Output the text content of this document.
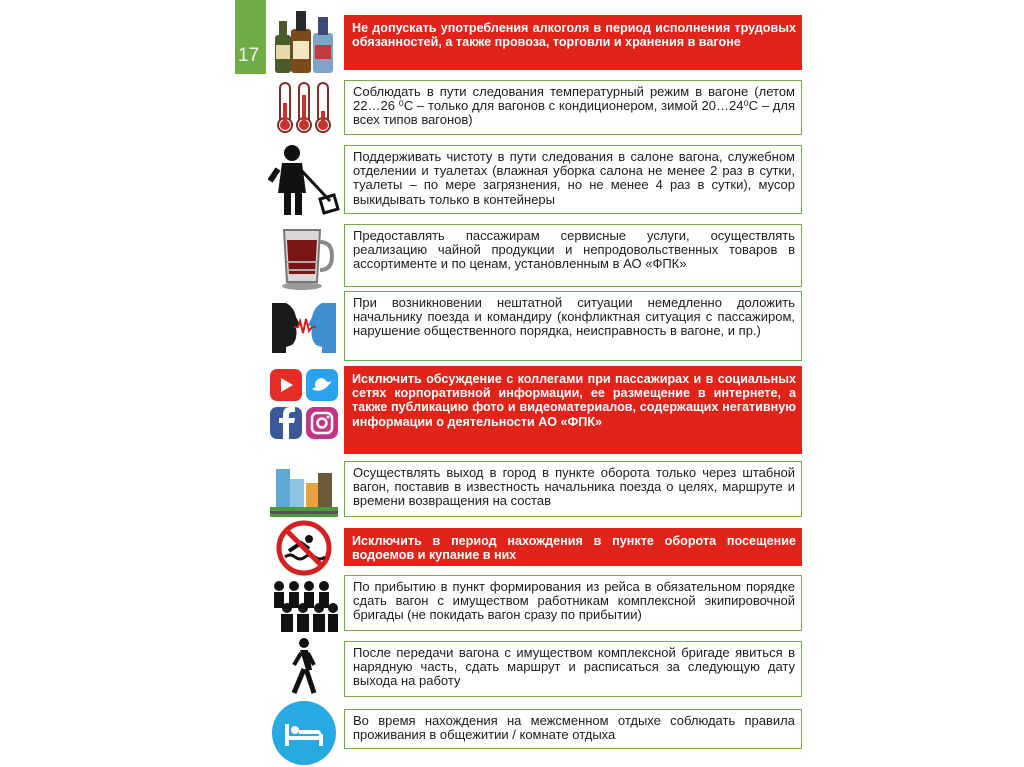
17
Не допускать употребления алкоголя в период исполнения трудовых обязанностей, а также провоза, торговли и хранения в вагоне
Соблюдать в пути следования температурный режим в вагоне (летом 22…26 ⁰С – только для вагонов с кондиционером, зимой 20…24⁰С – для всех типов вагонов)
Поддерживать чистоту в пути следования в салоне вагона, служебном отделении и туалетах (влажная уборка салона не менее 2 раз в сутки, туалеты – по мере загрязнения, но не менее 4 раз в сутки), мусор выкидывать только в контейнеры
Предоставлять пассажирам сервисные услуги, осуществлять реализацию чайной продукции и непродовольственных товаров в ассортименте и по ценам, установленным в АО «ФПК»
При возникновении нештатной ситуации немедленно доложить начальнику поезда и командиру (конфликтная ситуация с пассажиром, нарушение общественного порядка, неисправность в вагоне, и пр.)
Исключить обсуждение с коллегами при пассажирах и в социальных сетях корпоративной информации, ее размещение в интернете, а также публикацию фото и видеоматериалов, содержащих негативную информации о деятельности АО «ФПК»
Осуществлять выход в город в пункте оборота только через штабной вагон, поставив в известность начальника поезда о целях, маршруте и времени возвращения на состав
Исключить в период нахождения в пункте оборота посещение водоемов и купание в них
По прибытию в пункт формирования из рейса в обязательном порядке сдать вагон с имуществом работникам комплексной экипировочной бригады (не покидать вагон сразу по прибытии)
После передачи вагона с имуществом комплексной бригаде явиться в нарядную часть, сдать маршрут и расписаться за следующую дату выхода на работу
Во время нахождения на межсменном отдыхе соблюдать правила проживания в общежитии / комнате отдыха
